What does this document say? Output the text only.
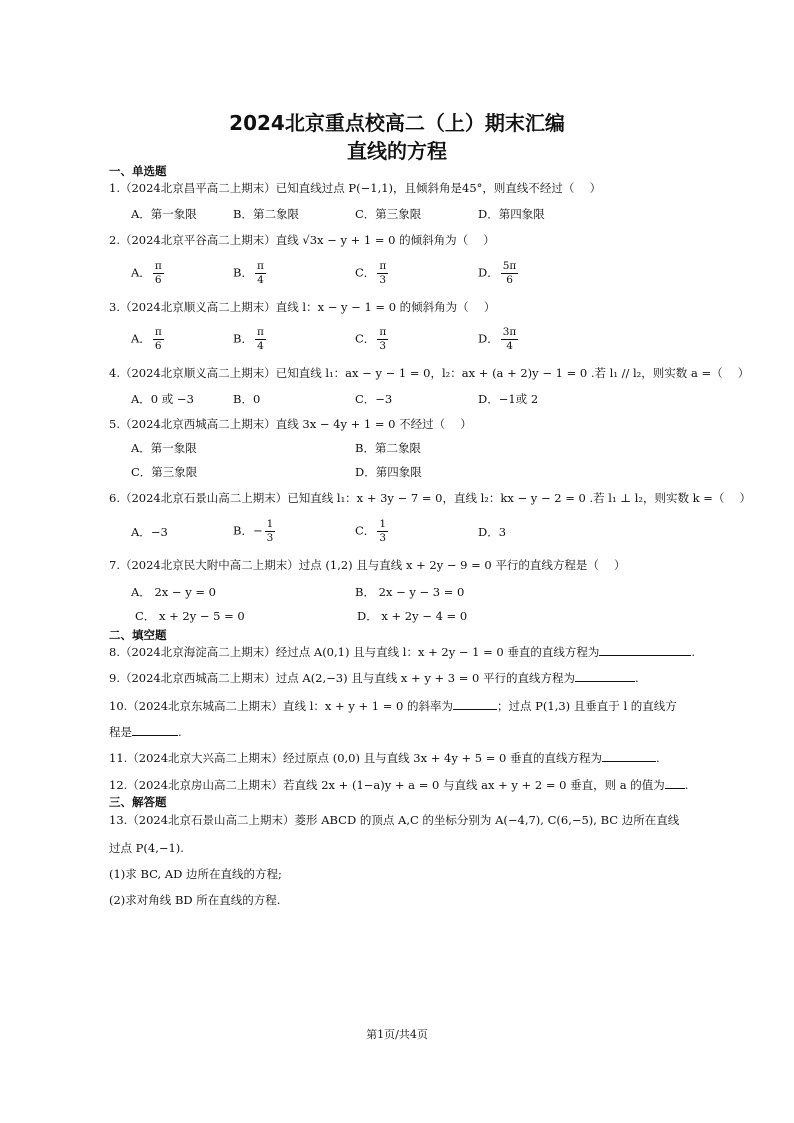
2024北京重点校高二（上）期末汇编
直线的方程
一、单选题
1.（2024北京昌平高二上期末）已知直线过点 P(−1,1)，且倾斜角是45°，则直线不经过（　 ）
A．第一象限	B．第二象限	C．第三象限	D．第四象限
2.（2024北京平谷高二上期末）直线 √3x − y + 1 = 0 的倾斜角为（　 ）
A． $\frac{\pi}{6}$	B． $\frac{\pi}{4}$	C． $\frac{\pi}{3}$	D． $\frac{5\pi}{6}$
3.（2024北京顺义高二上期末）直线 l：x − y − 1 = 0 的倾斜角为（　 ）
A． $\frac{\pi}{6}$	B． $\frac{\pi}{4}$	C． $\frac{\pi}{3}$	D． $\frac{3\pi}{4}$
4.（2024北京顺义高二上期末）已知直线 l₁：ax − y − 1 = 0，l₂：ax + (a + 2)y − 1 = 0 .若 l₁ // l₂，则实数 a =（　 ）
A．0 或 −3	B．0	C．−3	D．−1或 2
5.（2024北京西城高二上期末）直线 3x − 4y + 1 = 0 不经过（　 ）
A．第一象限	B．第二象限
C．第三象限	D．第四象限
6.（2024北京石景山高二上期末）已知直线 l₁：x + 3y − 7 = 0，直线 l₂：kx − y − 2 = 0 .若 l₁ ⊥ l₂，则实数 k =（　 ）
A．−3	B．− $\frac{1}{3}$	C． $\frac{1}{3}$	D．3
7.（2024北京民大附中高二上期末）过点 (1,2) 且与直线 x + 2y − 9 = 0 平行的直线方程是（　 ）
A． 2x − y = 0	B． 2x − y − 3 = 0
C． x + 2y − 5 = 0	D． x + 2y − 4 = 0
二、填空题
8.（2024北京海淀高二上期末）经过点 A(0,1) 且与直线 l：x + 2y − 1 = 0 垂直的直线方程为	.
9.（2024北京西城高二上期末）过点 A(2,−3) 且与直线 x + y + 3 = 0 平行的直线方程为	.
10.（2024北京东城高二上期末）直线 l：x + y + 1 = 0 的斜率为	；过点 P(1,3) 且垂直于 l 的直线方
程是	.
11.（2024北京大兴高二上期末）经过原点 (0,0) 且与直线 3x + 4y + 5 = 0 垂直的直线方程为	.
12.（2024北京房山高二上期末）若直线 2x + (1−a)y + a = 0 与直线 ax + y + 2 = 0 垂直，则 a 的值为 .
三、解答题
13.（2024北京石景山高二上期末）菱形 ABCD 的顶点 A,C 的坐标分别为 A(−4,7), C(6,−5), BC 边所在直线
过点 P(4,−1).
(1)求 BC, AD 边所在直线的方程;
(2)求对角线 BD 所在直线的方程.
第1页/共4页
